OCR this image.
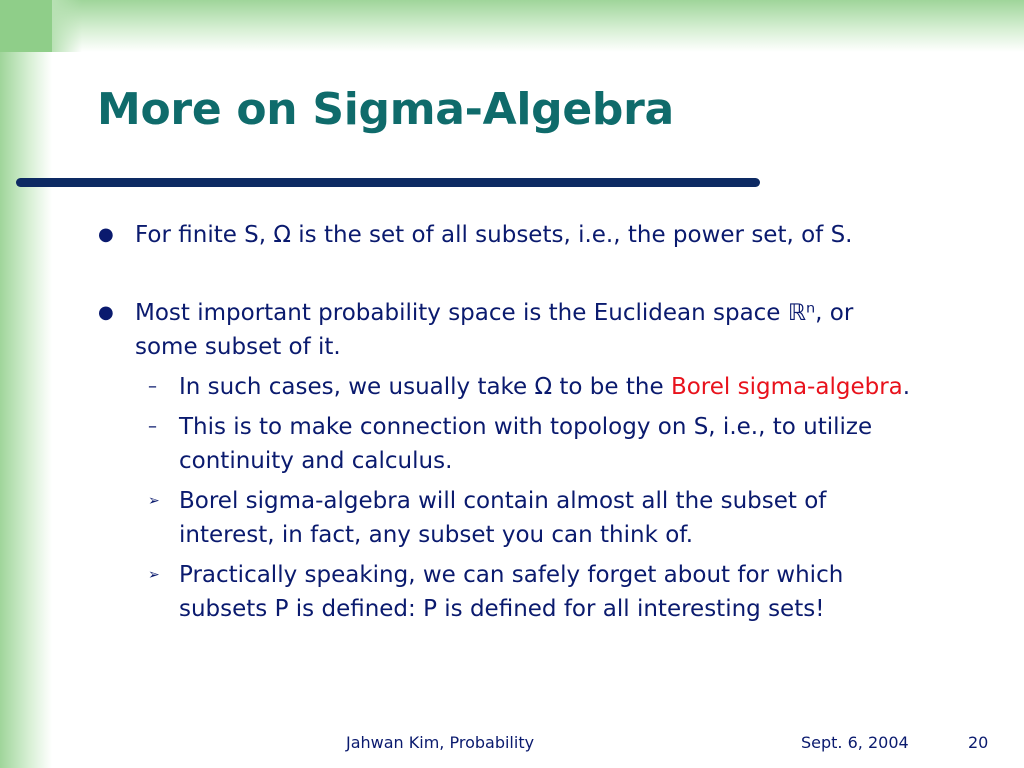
More on Sigma-Algebra
● For finite S, Ω is the set of all subsets, i.e., the power set, of S.
● Most important probability space is the Euclidean space ℝⁿ, or
some subset of it.
– In such cases, we usually take Ω to be the Borel sigma-algebra.
– This is to make connection with topology on S, i.e., to utilize
continuity and calculus.
➢ Borel sigma-algebra will contain almost all the subset of
interest, in fact, any subset you can think of.
➢ Practically speaking, we can safely forget about for which
subsets P is defined: P is defined for all interesting sets!
Jahwan Kim, Probability	Sept. 6, 2004	20
